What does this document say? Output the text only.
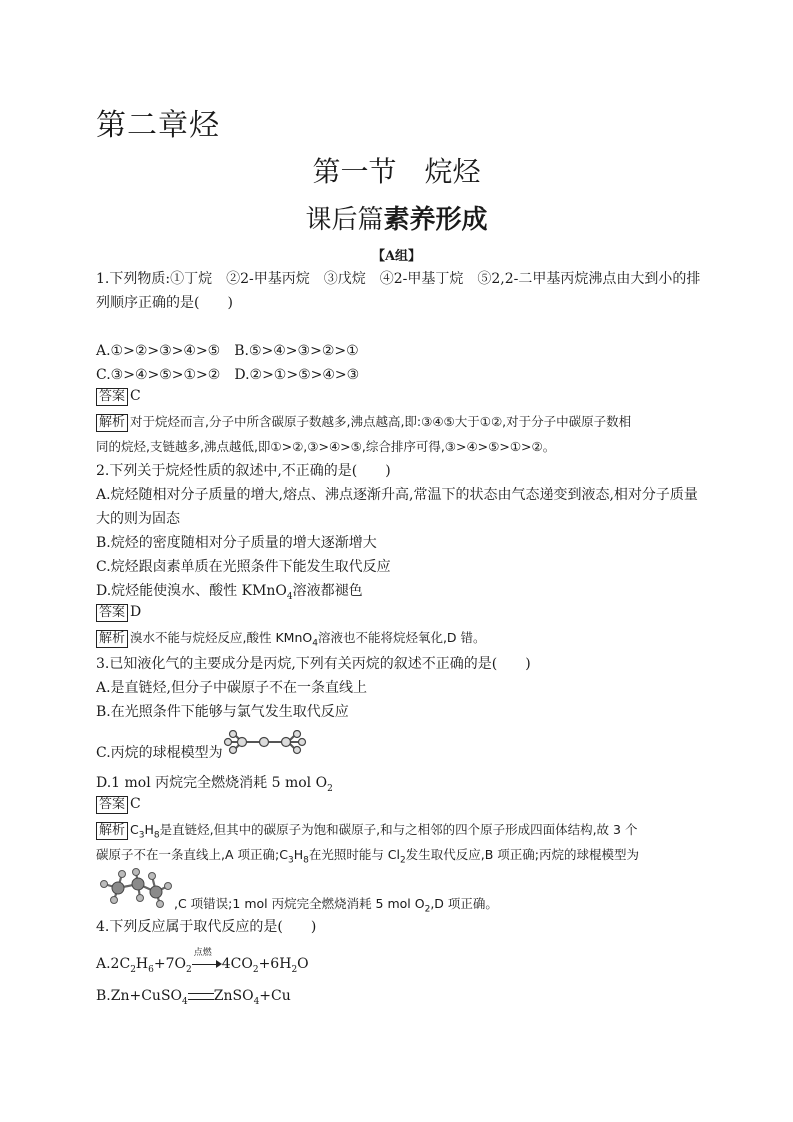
第二章烃
第一节 烷烃
课后篇素养形成
【A组】
1.下列物质:①丁烷　②2-甲基丙烷　③戊烷　④2-甲基丁烷　⑤2,2-二甲基丙烷沸点由大到小的排
列顺序正确的是(　　)
A.①>②>③>④>⑤　B.⑤>④>③>②>①
C.③>④>⑤>①>②　D.②>①>⑤>④>③
答案 C
解析 对于烷烃而言,分子中所含碳原子数越多,沸点越高,即:③④⑤大于①②,对于分子中碳原子数相
同的烷烃,支链越多,沸点越低,即①>②,③>④>⑤,综合排序可得,③>④>⑤>①>②。
2.下列关于烷烃性质的叙述中,不正确的是(　　)
A.烷烃随相对分子质量的增大,熔点、沸点逐渐升高,常温下的状态由气态递变到液态,相对分子质量
大的则为固态
B.烷烃的密度随相对分子质量的增大逐渐增大
C.烷烃跟卤素单质在光照条件下能发生取代反应
D.烷烃能使溴水、酸性 KMnO$_4$溶液都褪色
答案 D
解析 溴水不能与烷烃反应,酸性 KMnO$_4$溶液也不能将烷烃氧化,D 错。
3.已知液化气的主要成分是丙烷,下列有关丙烷的叙述不正确的是(　　)
A.是直链烃,但分子中碳原子不在一条直线上
B.在光照条件下能够与氯气发生取代反应
C.丙烷的球棍模型为
D.1 mol 丙烷完全燃烧消耗 5 mol $O_2$
答案 C
解析 $C_3H_8$是直链烃,但其中的碳原子为饱和碳原子,和与之相邻的四个原子形成四面体结构,故 3 个
碳原子不在一条直线上,A 项正确$;C_3H_8$在光照时能与 $Cl_2$发生取代反应,B 项正确;丙烷的球棍模型为
,C 项错误;1 mol 丙烷完全燃烧消耗 5 mol $O_2,D$ 项正确。
4.下列反应属于取代反应的是(　　)
$A.2C_2H_6+7O_2$
点燃
$4CO_2+6H_2O$
B.Zn+CuSO$_4$ ZnSO$_4$+Cu
